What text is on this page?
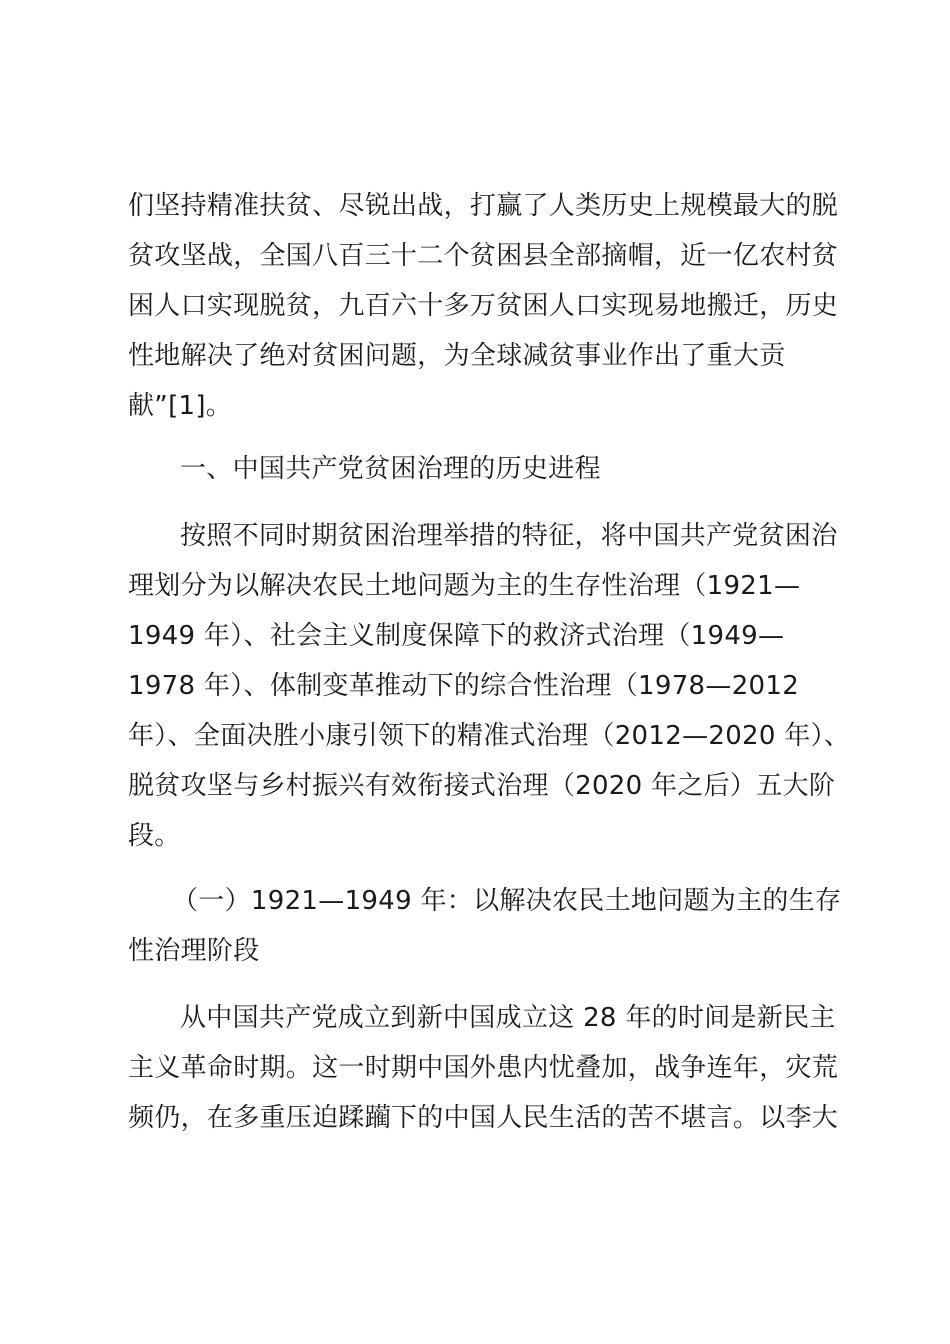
们坚持精准扶贫、尽锐出战，打赢了人类历史上规模最大的脱
贫攻坚战，全国八百三十二个贫困县全部摘帽，近一亿农村贫
困人口实现脱贫，九百六十多万贫困人口实现易地搬迁，历史
性地解决了绝对贫困问题，为全球减贫事业作出了重大贡
献”[1]。
一、中国共产党贫困治理的历史进程
按照不同时期贫困治理举措的特征，将中国共产党贫困治
理划分为以解决农民土地问题为主的生存性治理（1921—
1949 年）、社会主义制度保障下的救济式治理（1949—
1978 年）、体制变革推动下的综合性治理（1978—2012
年）、全面决胜小康引领下的精准式治理（2012—2020 年）、
脱贫攻坚与乡村振兴有效衔接式治理（2020 年之后）五大阶
段。
（一）1921—1949 年：以解决农民土地问题为主的生存
性治理阶段
从中国共产党成立到新中国成立这 28 年的时间是新民主
主义革命时期。这一时期中国外患内忧叠加，战争连年，灾荒
频仍，在多重压迫蹂躏下的中国人民生活的苦不堪言。以李大
